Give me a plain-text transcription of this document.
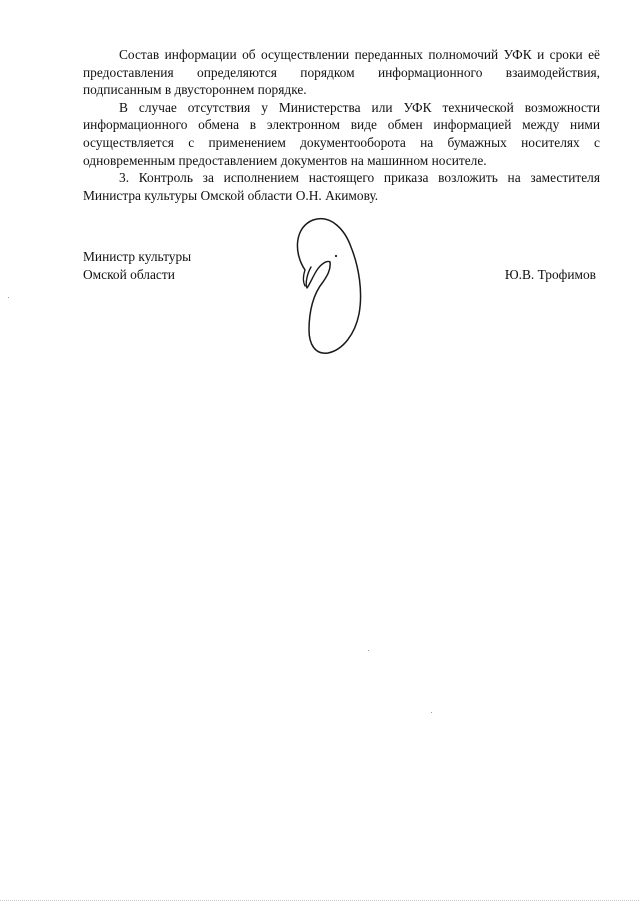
Состав информации об осуществлении переданных полномочий УФК и сроки её предоставления определяются порядком информационного взаимодействия, подписанным в двустороннем порядке.

В случае отсутствия у Министерства или УФК технической возможности информационного обмена в электронном виде обмен информацией между ними осуществляется с применением документооборота на бумажных носителях с одновременным предоставлением документов на машинном носителе.

3. Контроль за исполнением настоящего приказа возложить на заместителя Министра культуры Омской области О.Н. Акимову.

Министр культуры
Омской области	Ю.В. Трофимов
